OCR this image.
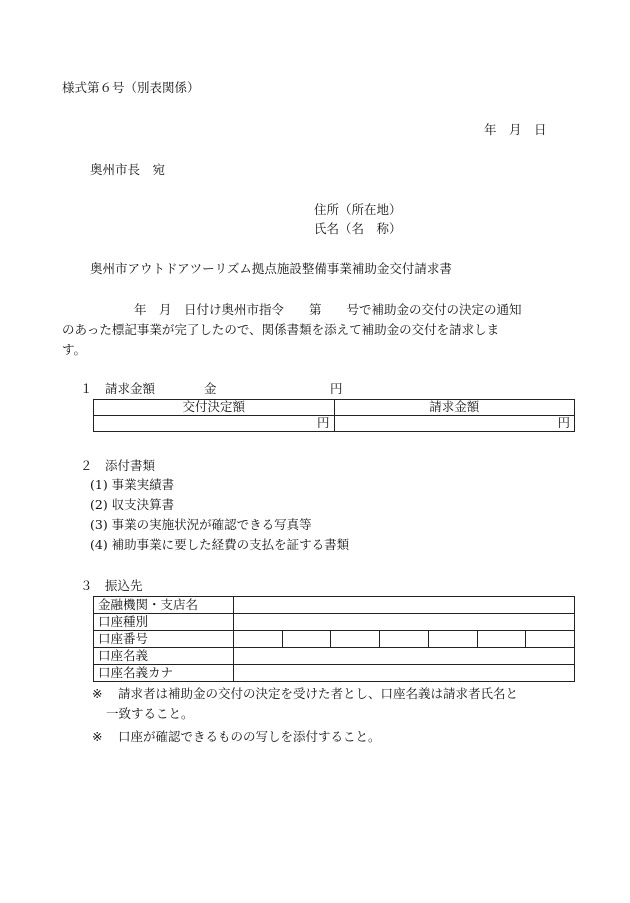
様式第６号（別表関係）
年　月　日
奥州市長　宛
住所（所在地）
氏名（名　称）
奥州市アウトドアツーリズム拠点施設整備事業補助金交付請求書

年　月　日付け奥州市指令　　第　　号で補助金の交付の決定の通知

のあった標記事業が完了したので、関係書類を添えて補助金の交付を請求しま

す。

１　請求金額	金	円
交付決定額	請求金額
円	円
２　添付書類
(1) 事業実績書
(2) 収支決算書
(3) 事業の実施状況が確認できる写真等
(4) 補助事業に要した経費の支払を証する書類
３　振込先
金融機関・支店名	
口座種別	
口座番号	

口座名義	
口座名義カナ	
※ 請求者は補助金の交付の決定を受けた者とし、口座名義は請求者氏名と
一致すること。
※ 口座が確認できるものの写しを添付すること。
